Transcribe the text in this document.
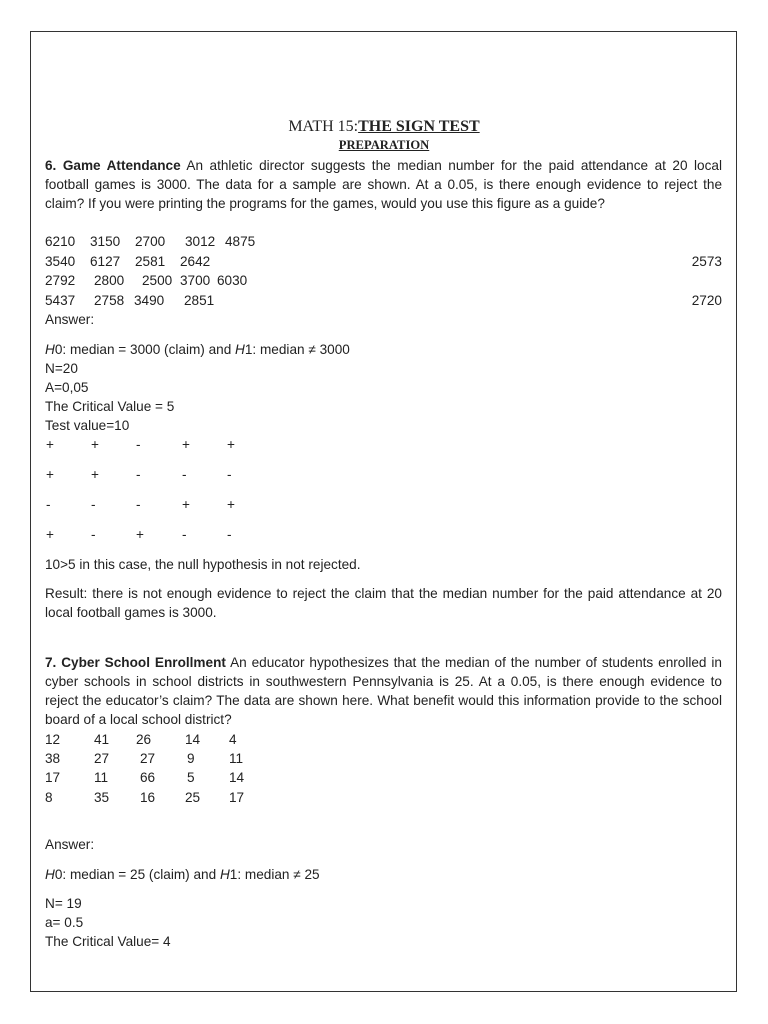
MATH 15:THE SIGN TEST
PREPARATION
6. Game Attendance An athletic director suggests the median number for the paid attendance at 20 local football games is 3000. The data for a sample are shown. At a 0.05, is there enough evidence to reject the claim? If you were printing the programs for the games, would you use this figure as a guide?
6210 3150 2700 3012 4875
3540 6127 2581 2642	2573
2792 2800 2500 3700 6030
5437 2758 3490 2851	2720
Answer:
H0: median = 3000 (claim) and H1: median ≠ 3000
N=20
A=0,05
The Critical Value = 5
Test value=10
+	+	-	+	+
+	+	-	-	-
-	-	-	+	+
+	-	+	-	-
10>5 in this case, the null hypothesis in not rejected.
Result: there is not enough evidence to reject the claim that the median number for the paid attendance at 20 local football games is 3000.
7. Cyber School Enrollment An educator hypothesizes that the median of the number of students enrolled in cyber schools in school districts in southwestern Pennsylvania is 25. At a 0.05, is there enough evidence to reject the educator’s claim? The data are shown here. What benefit would this information provide to the school board of a local school district?
12 41 26 14 4
38 27 27 9	11
17 11 66 5	14
8	35 16 25 17
Answer:
H0: median = 25 (claim) and H1: median ≠ 25
N= 19
a= 0.5
The Critical Value= 4
